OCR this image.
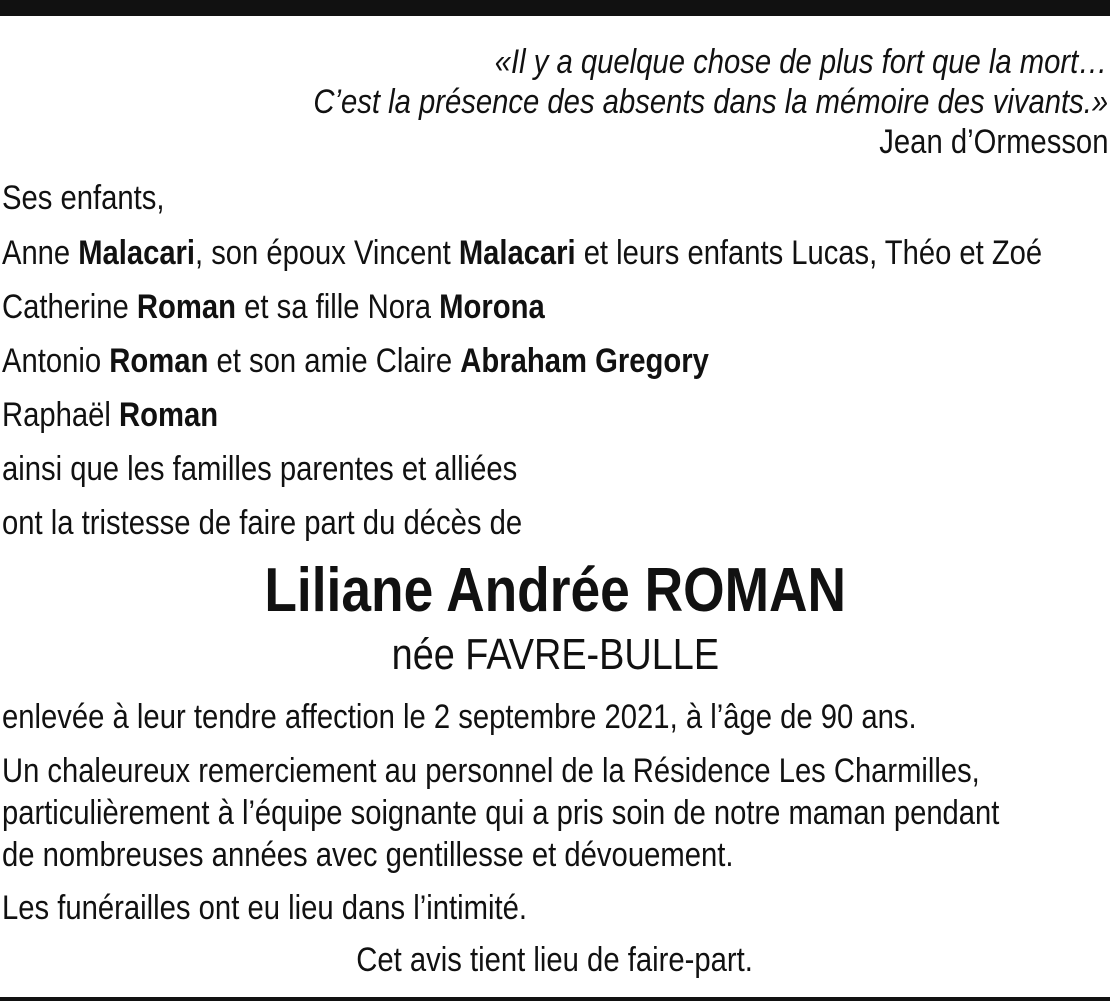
«Il y a quelque chose de plus fort que la mort…
C’est la présence des absents dans la mémoire des vivants.»
Jean d’Ormesson
Ses enfants,
Anne Malacari, son époux Vincent Malacari et leurs enfants Lucas, Théo et Zoé
Catherine Roman et sa fille Nora Morona
Antonio Roman et son amie Claire Abraham Gregory
Raphaël Roman
ainsi que les familles parentes et alliées
ont la tristesse de faire part du décès de
Liliane Andrée ROMAN
née FAVRE-BULLE
enlevée à leur tendre affection le 2 septembre 2021, à l’âge de 90 ans.
Un chaleureux remerciement au personnel de la Résidence Les Charmilles,
particulièrement à l’équipe soignante qui a pris soin de notre maman pendant
de nombreuses années avec gentillesse et dévouement.
Les funérailles ont eu lieu dans l’intimité.
Cet avis tient lieu de faire-part.
